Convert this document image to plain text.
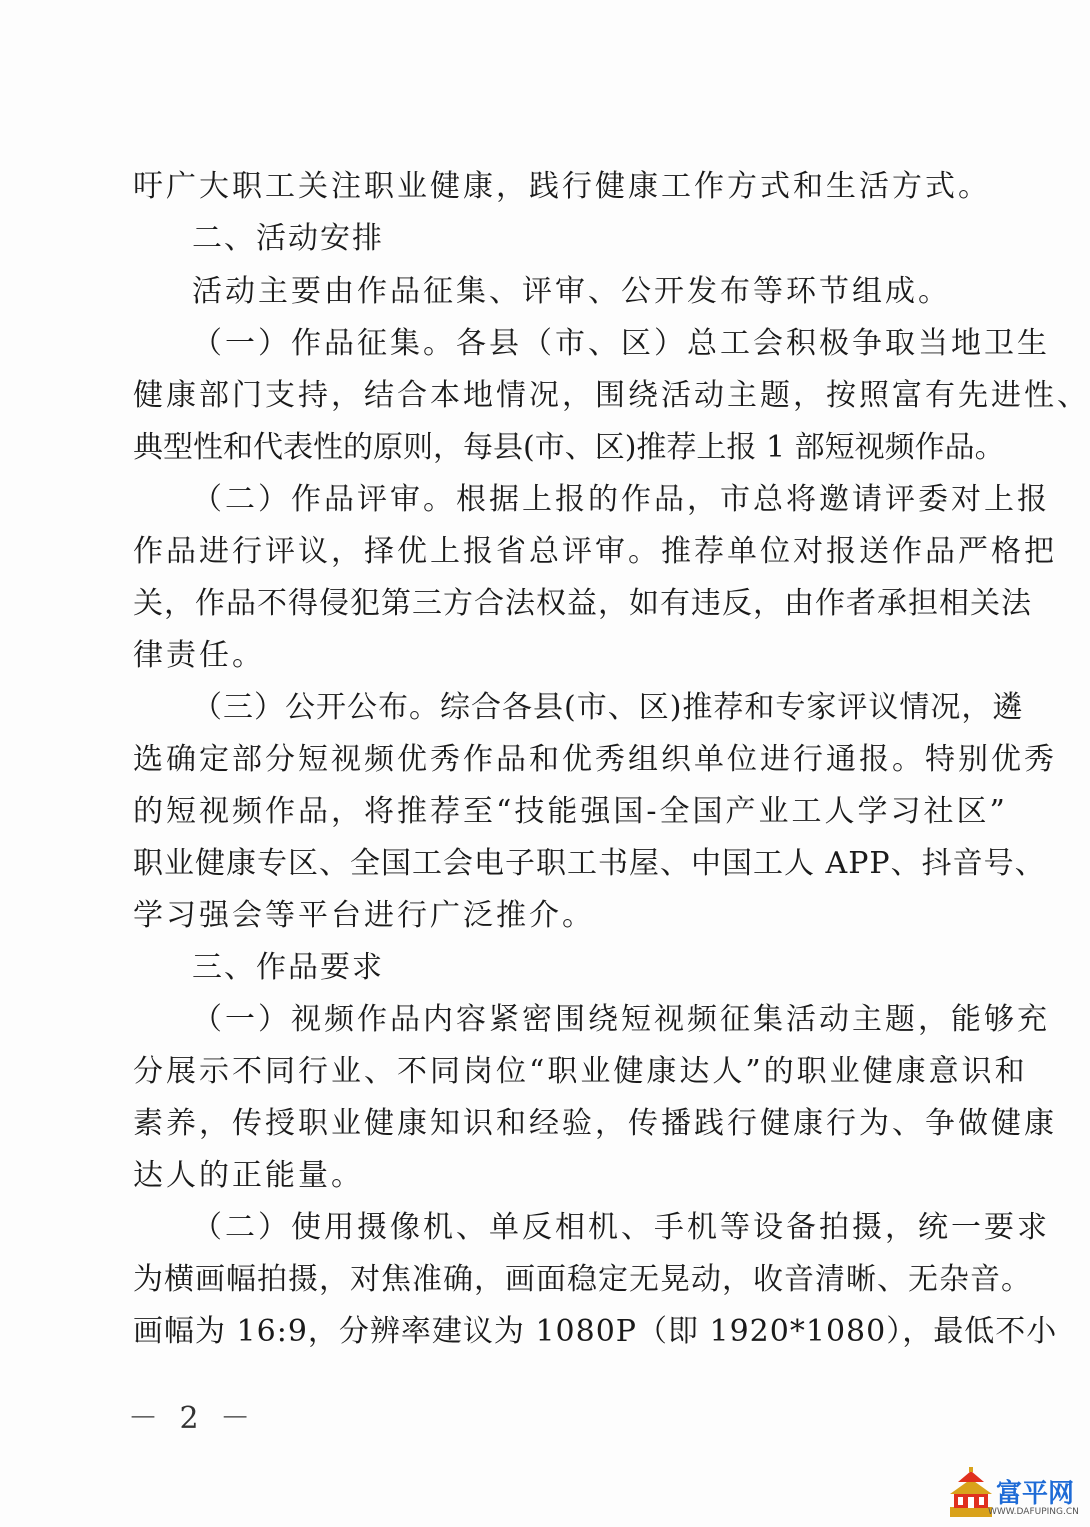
吁广大职工关注职业健康，践行健康工作方式和生活方式。
二、活动安排
活动主要由作品征集、评审、公开发布等环节组成。
（一）作品征集。各县（市、区）总工会积极争取当地卫生
健康部门支持，结合本地情况，围绕活动主题，按照富有先进性、
典型性和代表性的原则，每县(市、区)推荐上报 1 部短视频作品。
（二）作品评审。根据上报的作品，市总将邀请评委对上报
作品进行评议，择优上报省总评审。推荐单位对报送作品严格把
关，作品不得侵犯第三方合法权益，如有违反，由作者承担相关法
律责任。
（三）公开公布。综合各县(市、区)推荐和专家评议情况，遴
选确定部分短视频优秀作品和优秀组织单位进行通报。特别优秀
的短视频作品，将推荐至“技能强国-全国产业工人学习社区”
职业健康专区、全国工会电子职工书屋、中国工人 APP、抖音号、
学习强会等平台进行广泛推介。
三、作品要求
（一）视频作品内容紧密围绕短视频征集活动主题，能够充
分展示不同行业、不同岗位“职业健康达人”的职业健康意识和
素养，传授职业健康知识和经验，传播践行健康行为、争做健康
达人的正能量。
（二）使用摄像机、单反相机、手机等设备拍摄，统一要求
为横画幅拍摄，对焦准确，画面稳定无晃动，收音清晰、无杂音。
画幅为 16:9，分辨率建议为 1080P（即 1920*1080），最低不小
－ 2 －
富平网
WWW.DAFUPING.CN
